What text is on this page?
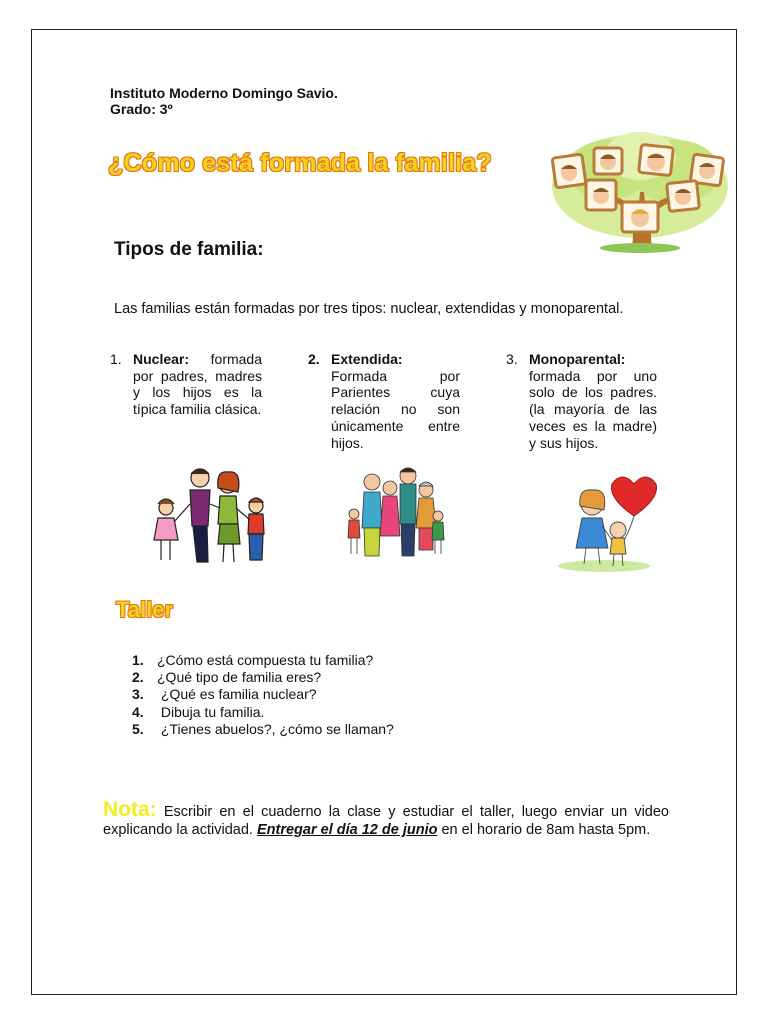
Instituto Moderno Domingo Savio.
Grado: 3º
¿Cómo está formada la familia?
Tipos de familia:
Las familias están formadas por tres tipos: nuclear, extendidas y monoparental.
1. Nuclear: formada por padres, madres y los hijos es la típica familia clásica.
2. Extendida:
Formada por Parientes cuya relación no son únicamente entre hijos.
3. Monoparental:
formada por uno solo de los padres.(la mayoría de las veces es la madre) y sus hijos.
Taller
1. ¿Cómo está compuesta tu familia?
2. ¿Qué tipo de familia eres?
3. ¿Qué es familia nuclear?
4. Dibuja tu familia.
5. ¿Tienes abuelos?, ¿cómo se llaman?
Nota: Escribir en el cuaderno la clase y estudiar el taller, luego enviar un video explicando la actividad. Entregar el día 12 de junio en el horario de 8am hasta 5pm.
